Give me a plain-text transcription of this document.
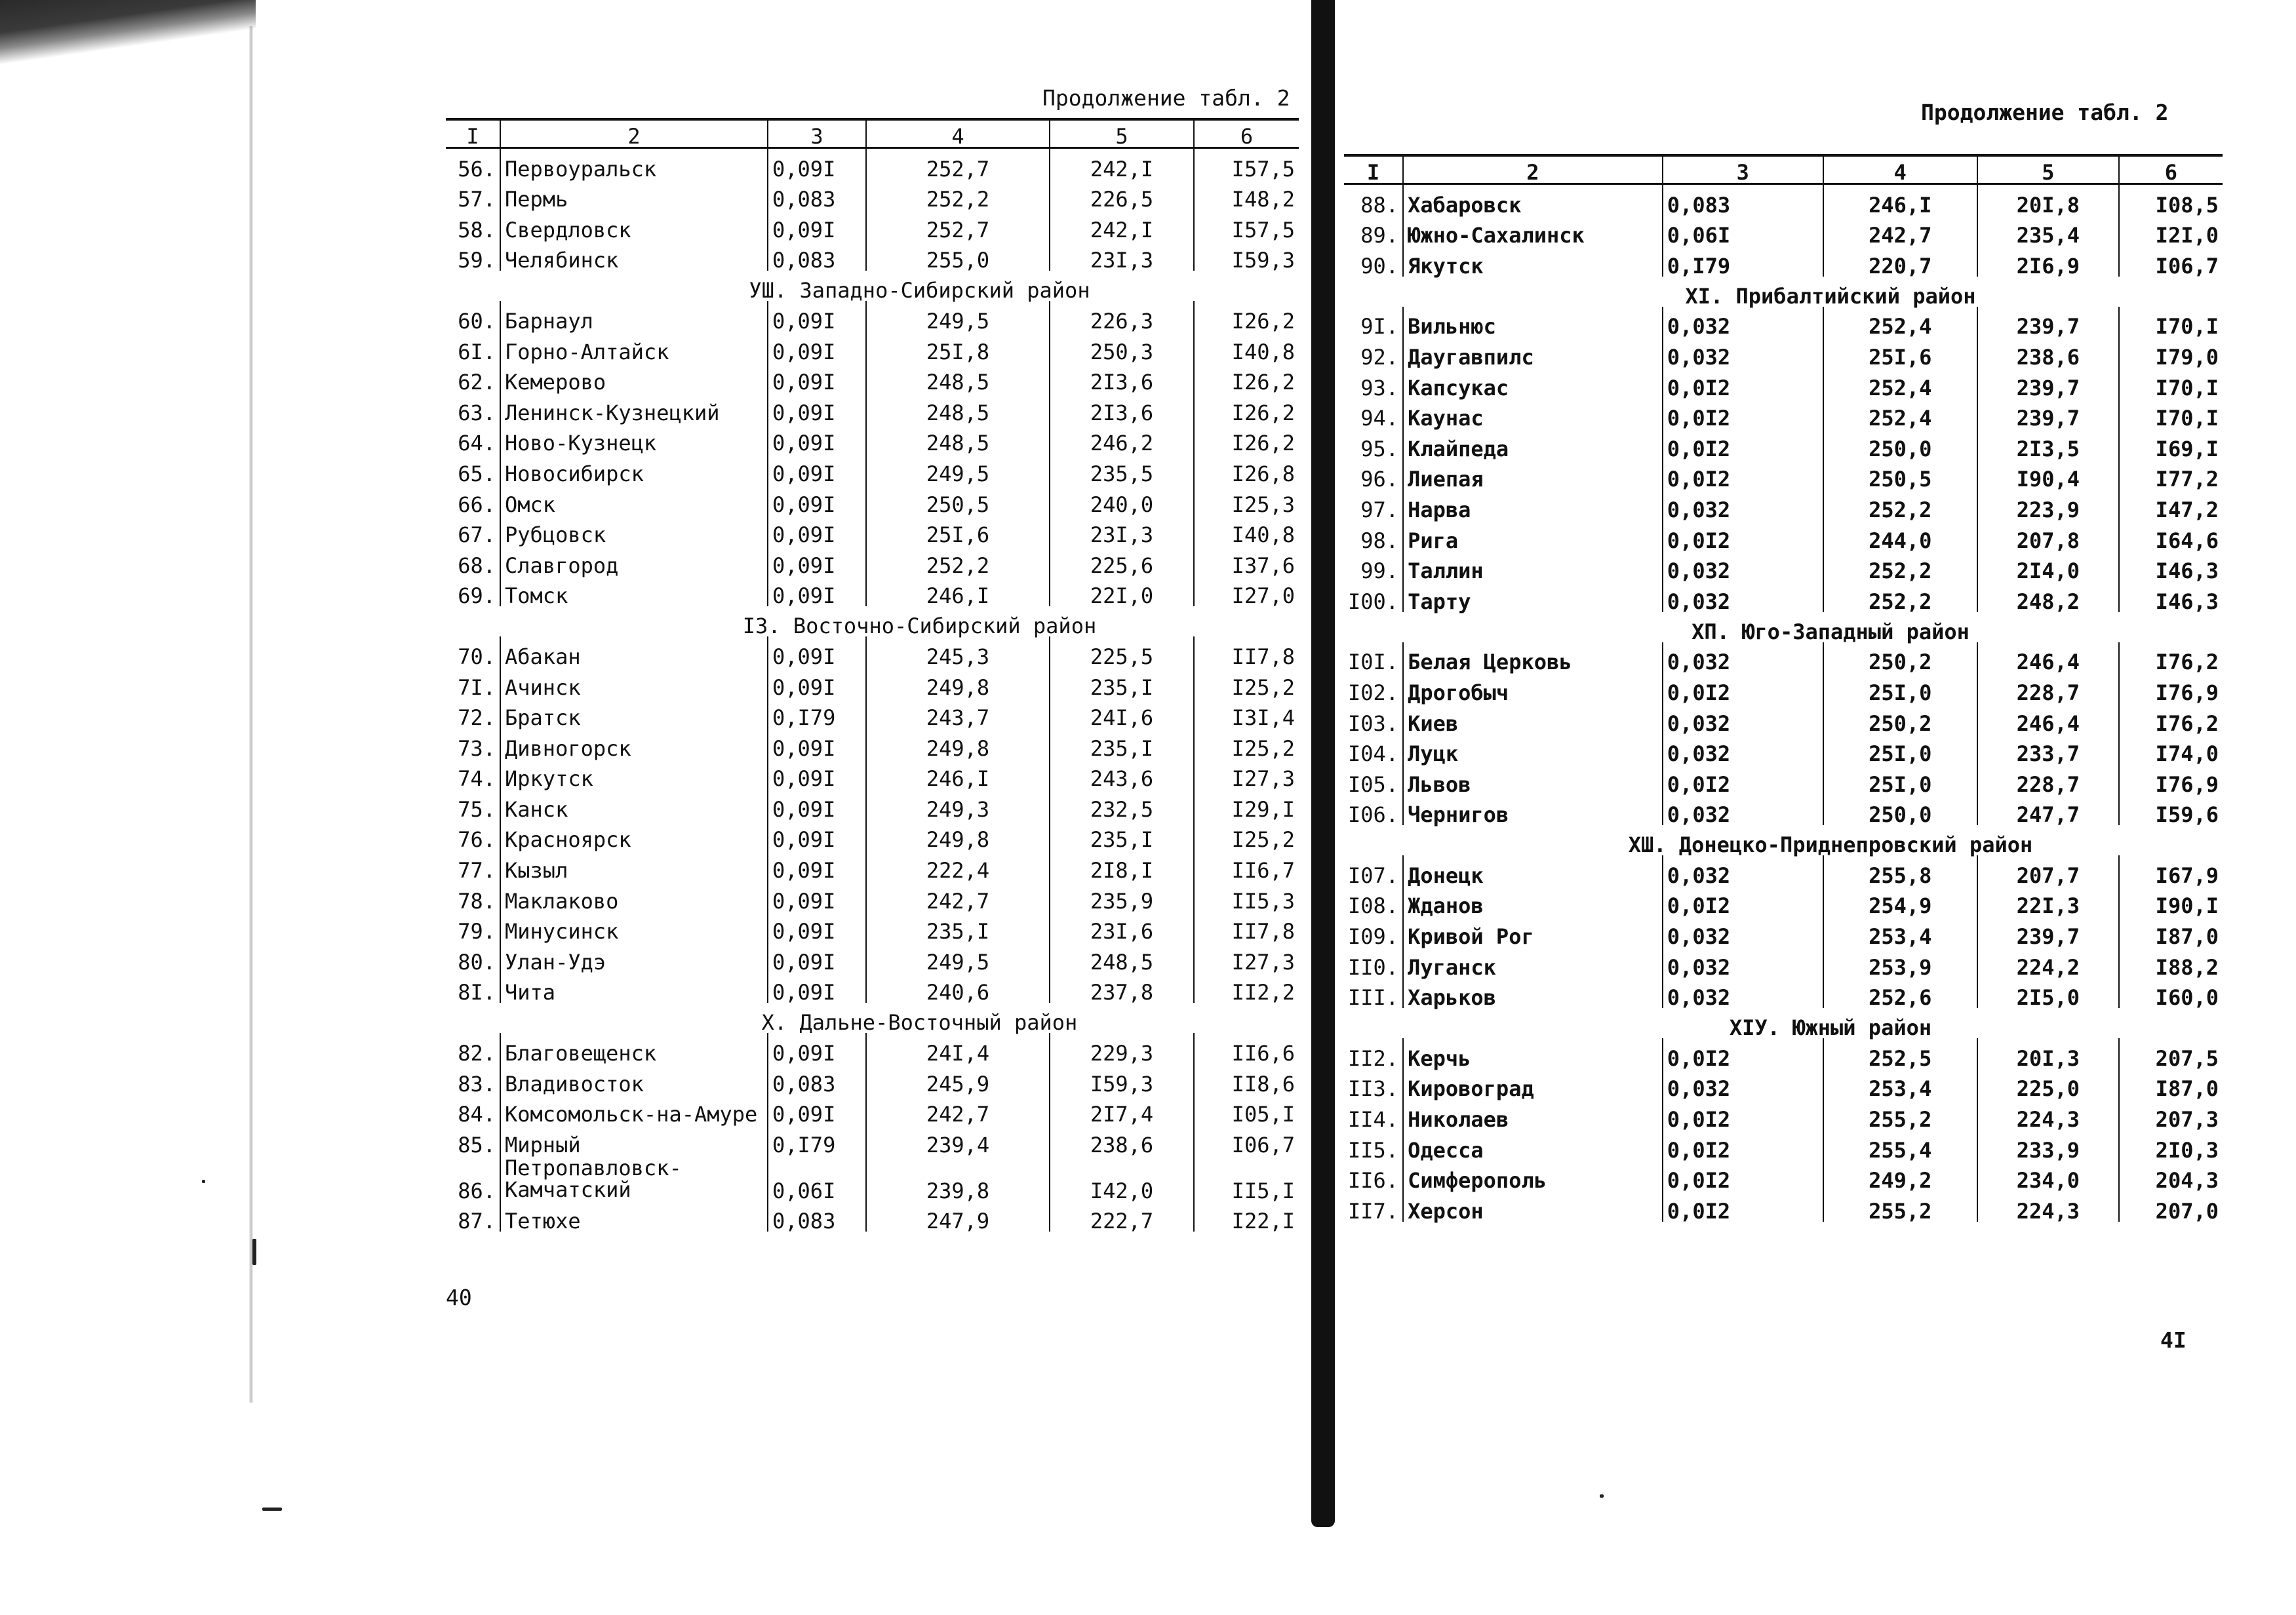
Продолжение табл. 2
I	2	3	4	5	6
56.	Первоуральск	0,09I	252,7	242,I	I57,5
57.	Пермь	0,083	252,2	226,5	I48,2
58.	Свердловск	0,09I	252,7	242,I	I57,5
59.	Челябинск	0,083	255,0	23I,3	I59,3
УШ. Западно-Сибирский район					
60.	Барнаул	0,09I	249,5	226,3	I26,2
6I.	Горно-Алтайск	0,09I	25I,8	250,3	I40,8
62.	Кемерово	0,09I	248,5	2I3,6	I26,2
63.	Ленинск-Кузнецкий	0,09I	248,5	2I3,6	I26,2
64.	Ново-Кузнецк	0,09I	248,5	246,2	I26,2
65.	Новосибирск	0,09I	249,5	235,5	I26,8
66.	Омск	0,09I	250,5	240,0	I25,3
67.	Рубцовск	0,09I	25I,6	23I,3	I40,8
68.	Славгород	0,09I	252,2	225,6	I37,6
69.	Томск	0,09I	246,I	22I,0	I27,0
I3. Восточно-Сибирский район					
70.	Абакан	0,09I	245,3	225,5	II7,8
7I.	Ачинск	0,09I	249,8	235,I	I25,2
72.	Братск	0,I79	243,7	24I,6	I3I,4
73.	Дивногорск	0,09I	249,8	235,I	I25,2
74.	Иркутск	0,09I	246,I	243,6	I27,3
75.	Канск	0,09I	249,3	232,5	I29,I
76.	Красноярск	0,09I	249,8	235,I	I25,2
77.	Кызыл	0,09I	222,4	2I8,I	II6,7
78.	Маклаково	0,09I	242,7	235,9	II5,3
79.	Минусинск	0,09I	235,I	23I,6	II7,8
80.	Улан-Удэ	0,09I	249,5	248,5	I27,3
8I.	Чита	0,09I	240,6	237,8	II2,2
X. Дальне-Восточный район					
82.	Благовещенск	0,09I	24I,4	229,3	II6,6
83.	Владивосток	0,083	245,9	I59,3	II8,6
84.	Комсомольск-на-Амуре	0,09I	242,7	2I7,4	I05,I
85.	Мирный	0,I79	239,4	238,6	I06,7
86.	Петропавловск-
Камчатский	0,06I	239,8	I42,0	II5,I
87.	Тетюхе	0,083	247,9	222,7	I22,I
40
Продолжение табл. 2
I	2	3	4	5	6
88.	Хабаровск	0,083	246,I	20I,8	I08,5
89.	Южно-Сахалинск	0,06I	242,7	235,4	I2I,0
90.	Якутск	0,I79	220,7	2I6,9	I06,7
XI. Прибалтийский район					
9I.	Вильнюс	0,032	252,4	239,7	I70,I
92.	Даугавпилс	0,032	25I,6	238,6	I79,0
93.	Капсукас	0,0I2	252,4	239,7	I70,I
94.	Каунас	0,0I2	252,4	239,7	I70,I
95.	Клайпеда	0,0I2	250,0	2I3,5	I69,I
96.	Лиепая	0,0I2	250,5	I90,4	I77,2
97.	Нарва	0,032	252,2	223,9	I47,2
98.	Рига	0,0I2	244,0	207,8	I64,6
99.	Таллин	0,032	252,2	2I4,0	I46,3
I00.	Тарту	0,032	252,2	248,2	I46,3
XП. Юго-Западный район					
I0I.	Белая Церковь	0,032	250,2	246,4	I76,2
I02.	Дрогобыч	0,0I2	25I,0	228,7	I76,9
I03.	Киев	0,032	250,2	246,4	I76,2
I04.	Луцк	0,032	25I,0	233,7	I74,0
I05.	Львов	0,0I2	25I,0	228,7	I76,9
I06.	Чернигов	0,032	250,0	247,7	I59,6
XШ. Донецко-Приднепровский район					
I07.	Донецк	0,032	255,8	207,7	I67,9
I08.	Жданов	0,0I2	254,9	22I,3	I90,I
I09.	Кривой Рог	0,032	253,4	239,7	I87,0
II0.	Луганск	0,032	253,9	224,2	I88,2
III.	Харьков	0,032	252,6	2I5,0	I60,0
XIУ. Южный район					
II2.	Керчь	0,0I2	252,5	20I,3	207,5
II3.	Кировоград	0,032	253,4	225,0	I87,0
II4.	Николаев	0,0I2	255,2	224,3	207,3
II5.	Одесса	0,0I2	255,4	233,9	2I0,3
II6.	Симферополь	0,0I2	249,2	234,0	204,3
II7.	Херсон	0,0I2	255,2	224,3	207,0
4I
